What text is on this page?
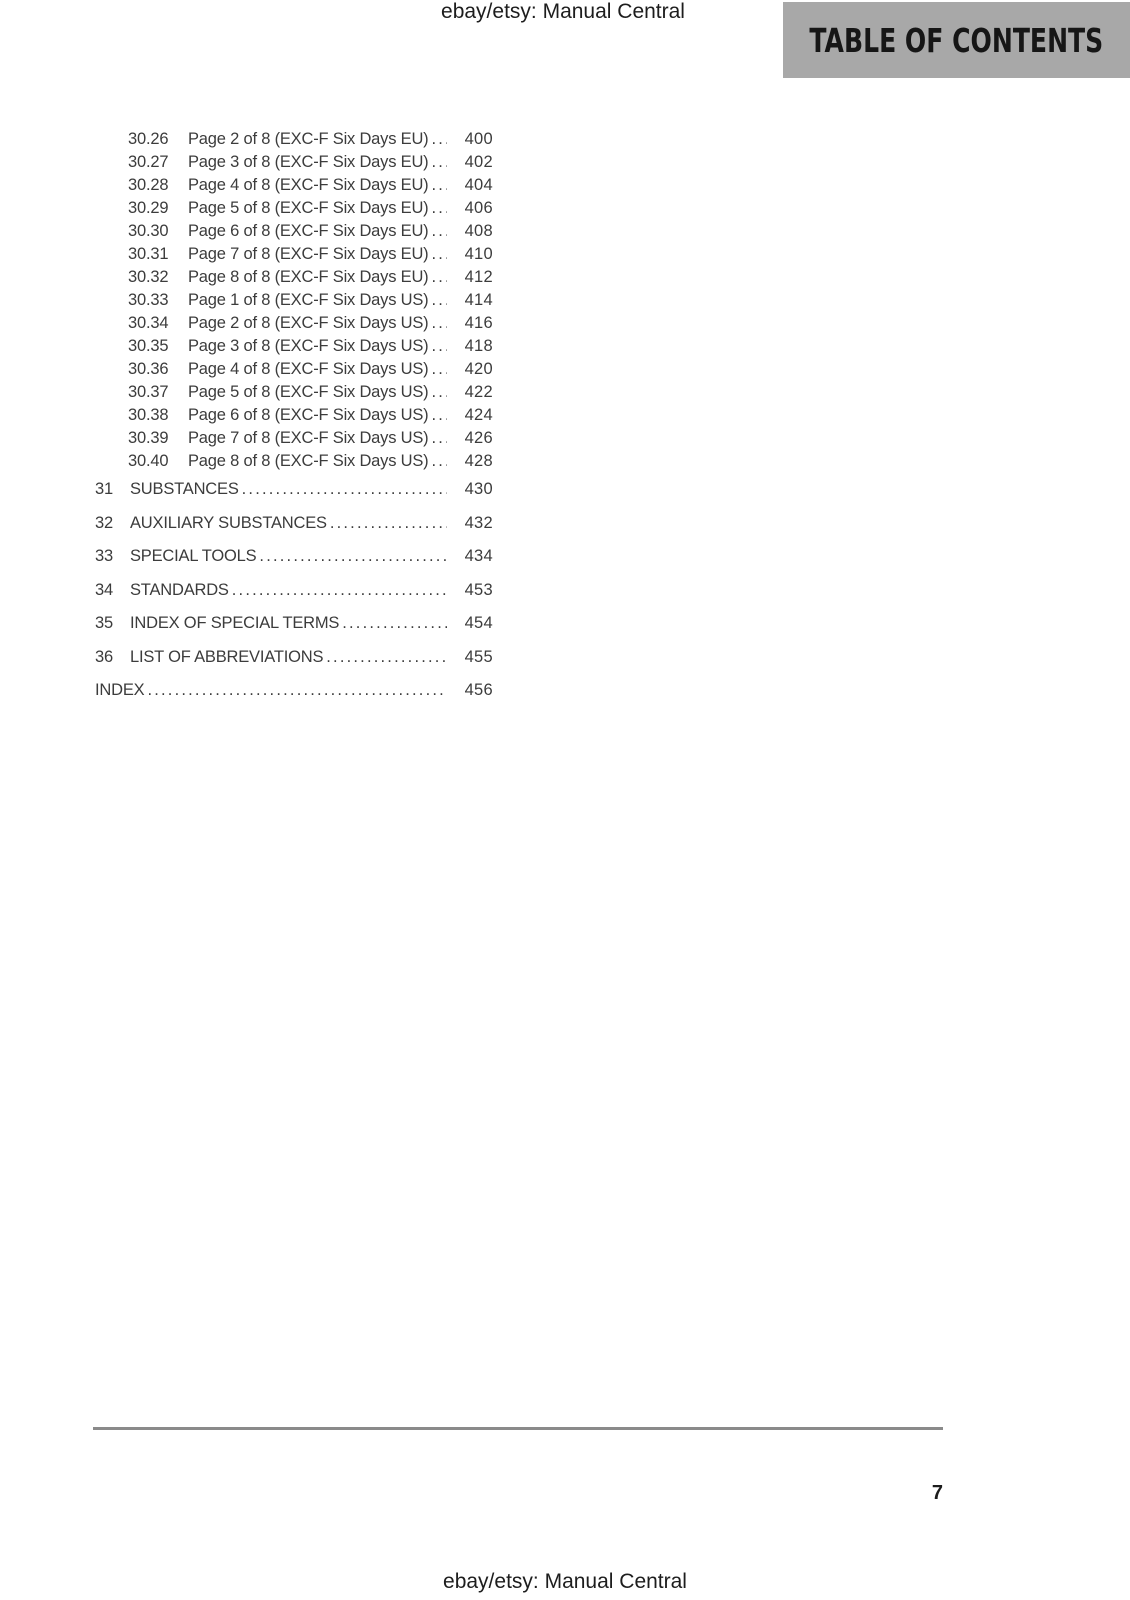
ebay/etsy: Manual Central
TABLE OF CONTENTS
30.26	Page 2 of 8 (EXC-F Six Days EU) .....	400
30.27	Page 3 of 8 (EXC-F Six Days EU) .....	402
30.28	Page 4 of 8 (EXC-F Six Days EU) .....	404
30.29	Page 5 of 8 (EXC-F Six Days EU) .....	406
30.30	Page 6 of 8 (EXC-F Six Days EU) .....	408
30.31	Page 7 of 8 (EXC-F Six Days EU) .....	410
30.32	Page 8 of 8 (EXC-F Six Days EU) .....	412
30.33	Page 1 of 8 (EXC-F Six Days US) .....	414
30.34	Page 2 of 8 (EXC-F Six Days US) .....	416
30.35	Page 3 of 8 (EXC-F Six Days US) .....	418
30.36	Page 4 of 8 (EXC-F Six Days US) .....	420
30.37	Page 5 of 8 (EXC-F Six Days US) .....	422
30.38	Page 6 of 8 (EXC-F Six Days US) .....	424
30.39	Page 7 of 8 (EXC-F Six Days US) .....	426
30.40	Page 8 of 8 (EXC-F Six Days US) .....	428
31	SUBSTANCES .....	430
32	AUXILIARY SUBSTANCES .....	432
33	SPECIAL TOOLS .....	434
34	STANDARDS .....	453
35	INDEX OF SPECIAL TERMS .....	454
36	LIST OF ABBREVIATIONS .....	455
INDEX .....	456
7
ebay/etsy: Manual Central
